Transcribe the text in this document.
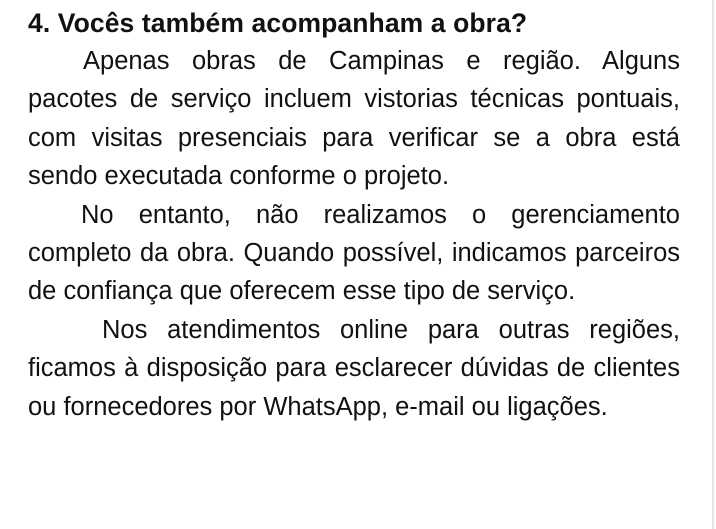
4. Vocês também acompanham a obra?

Apenas obras de Campinas e região. Alguns pacotes de serviço incluem vistorias técnicas pontuais, com visitas presenciais para verificar se a obra está sendo executada conforme o projeto.

No entanto, não realizamos o gerenciamento completo da obra. Quando possível, indicamos parceiros de confiança que oferecem esse tipo de serviço.

Nos atendimentos online para outras regiões, ficamos à disposição para esclarecer dúvidas de clientes ou fornecedores por WhatsApp, e-mail ou ligações.
